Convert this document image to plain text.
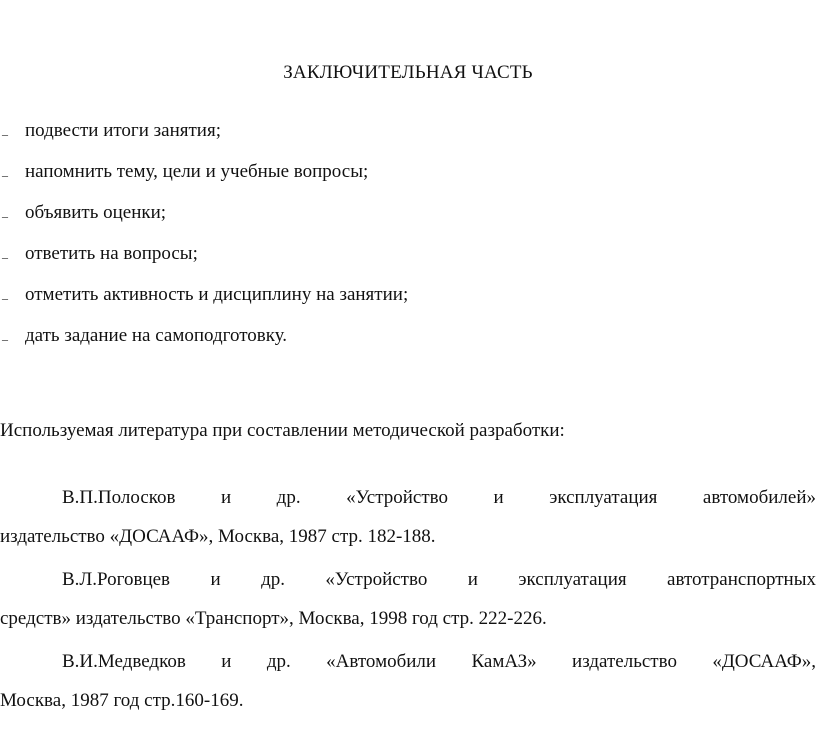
ЗАКЛЮЧИТЕЛЬНАЯ ЧАСТЬ
– подвести итоги занятия;
– напомнить тему, цели и учебные вопросы;
– объявить оценки;
– ответить на вопросы;
– отметить активность и дисциплину на занятии;
– дать задание на самоподготовку.
Используемая литература при составлении методической разработки:

В.П.Полосков и др. «Устройство и эксплуатация автомобилей»
издательство «ДОСААФ», Москва, 1987 стр. 182-188.

В.Л.Роговцев и др. «Устройство и эксплуатация автотранспортных
средств» издательство «Транспорт», Москва, 1998 год стр. 222-226.

В.И.Медведков и др. «Автомобили КамАЗ» издательство «ДОСААФ»,
Москва, 1987 год стр.160-169.
